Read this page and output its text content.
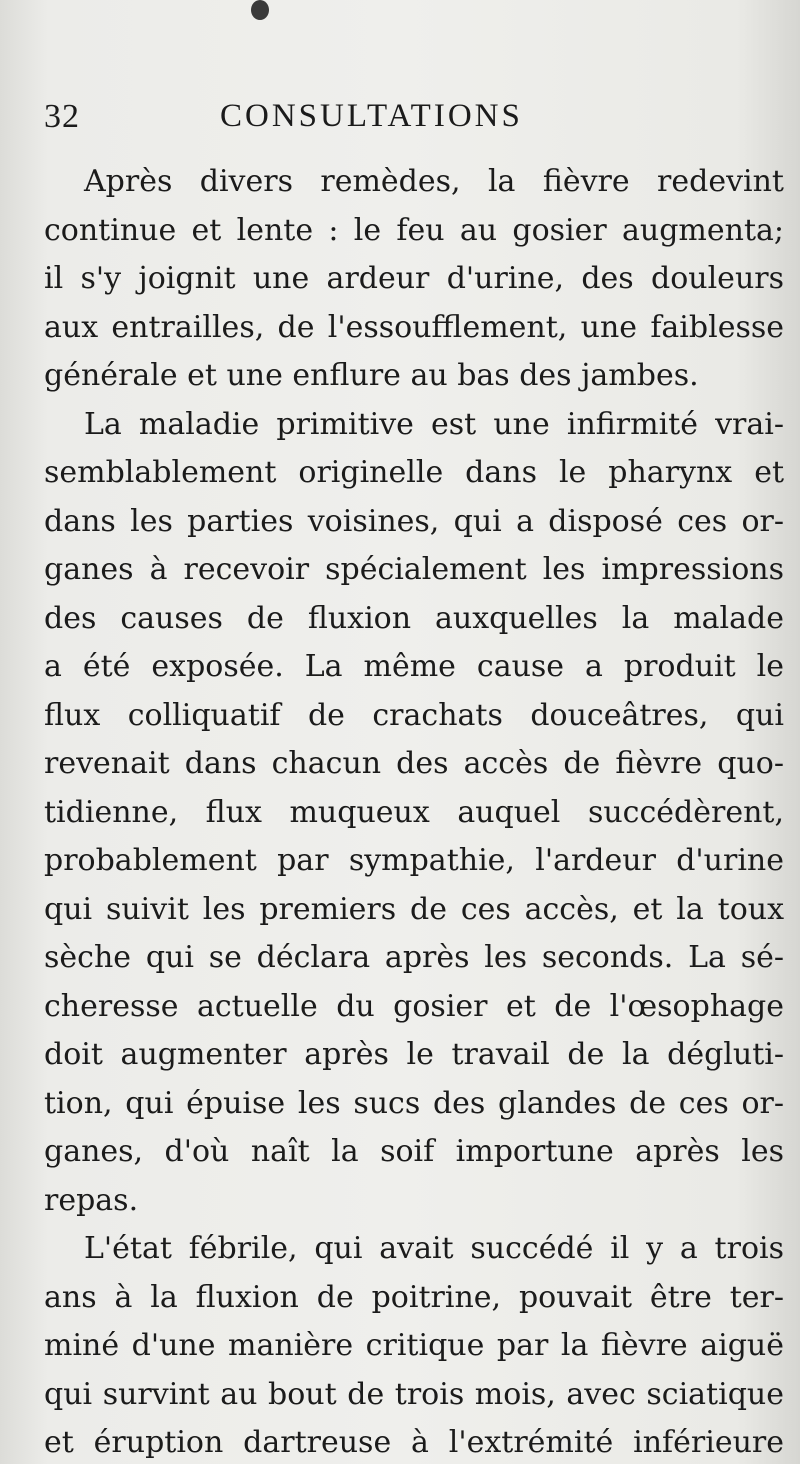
32	CONSULTATIONS
Après divers remèdes, la fièvre redevint
continue et lente : le feu au gosier augmenta;
il s'y joignit une ardeur d'urine, des douleurs
aux entrailles, de l'essoufflement, une faiblesse
générale et une enflure au bas des jambes.
La maladie primitive est une infirmité vrai-
semblablement originelle dans le pharynx et
dans les parties voisines, qui a disposé ces or-
ganes à recevoir spécialement les impressions
des causes de fluxion auxquelles la malade
a été exposée. La même cause a produit le
flux colliquatif de crachats douceâtres, qui
revenait dans chacun des accès de fièvre quo-
tidienne, flux muqueux auquel succédèrent,
probablement par sympathie, l'ardeur d'urine
qui suivit les premiers de ces accès, et la toux
sèche qui se déclara après les seconds. La sé-
cheresse actuelle du gosier et de l'œsophage
doit augmenter après le travail de la dégluti-
tion, qui épuise les sucs des glandes de ces or-
ganes, d'où naît la soif importune après les
repas.
L'état fébrile, qui avait succédé il y a trois
ans à la fluxion de poitrine, pouvait être ter-
miné d'une manière critique par la fièvre aiguë
qui survint au bout de trois mois, avec sciatique
et éruption dartreuse à l'extrémité inférieure
